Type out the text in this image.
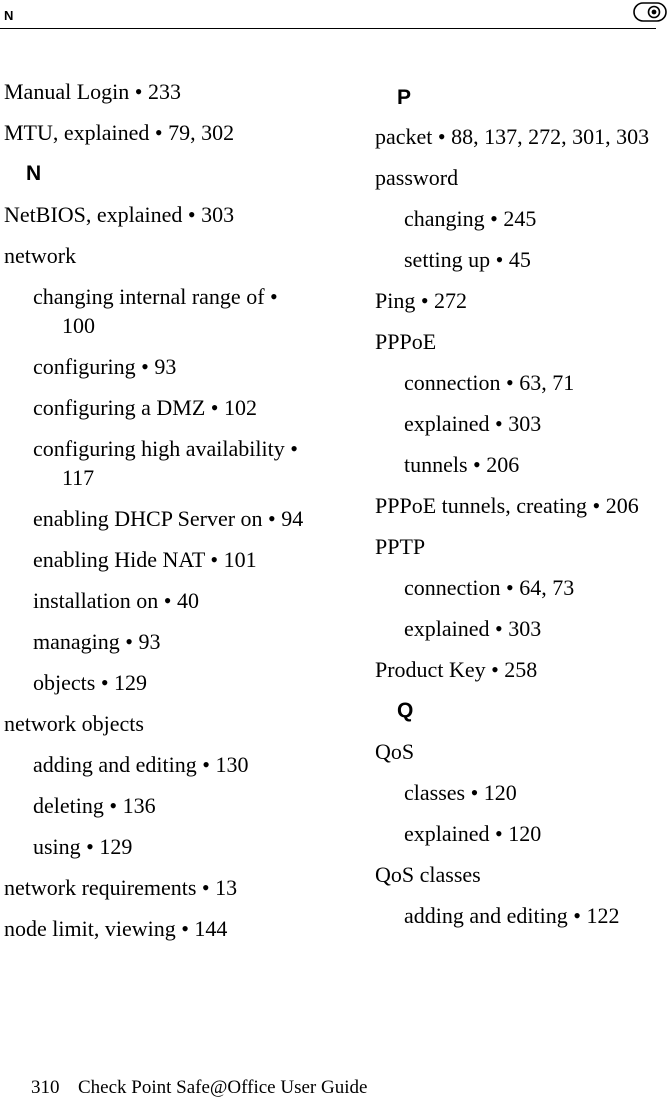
N

Manual Login • 233

MTU, explained • 79, 302

N

NetBIOS, explained • 303

network

changing internal range of • 100

configuring • 93

configuring a DMZ • 102

configuring high availability • 117

enabling DHCP Server on • 94

enabling Hide NAT • 101

installation on • 40

managing • 93

objects • 129

network objects

adding and editing • 130

deleting • 136

using • 129

network requirements • 13

node limit, viewing • 144

P

packet • 88, 137, 272, 301, 303

password

changing • 245

setting up • 45

Ping • 272

PPPoE

connection • 63, 71

explained • 303

tunnels • 206

PPPoE tunnels, creating • 206

PPTP

connection • 64, 73

explained • 303

Product Key • 258

Q

QoS

classes • 120

explained • 120

QoS classes

adding and editing • 122

310 Check Point Safe@Office User Guide
